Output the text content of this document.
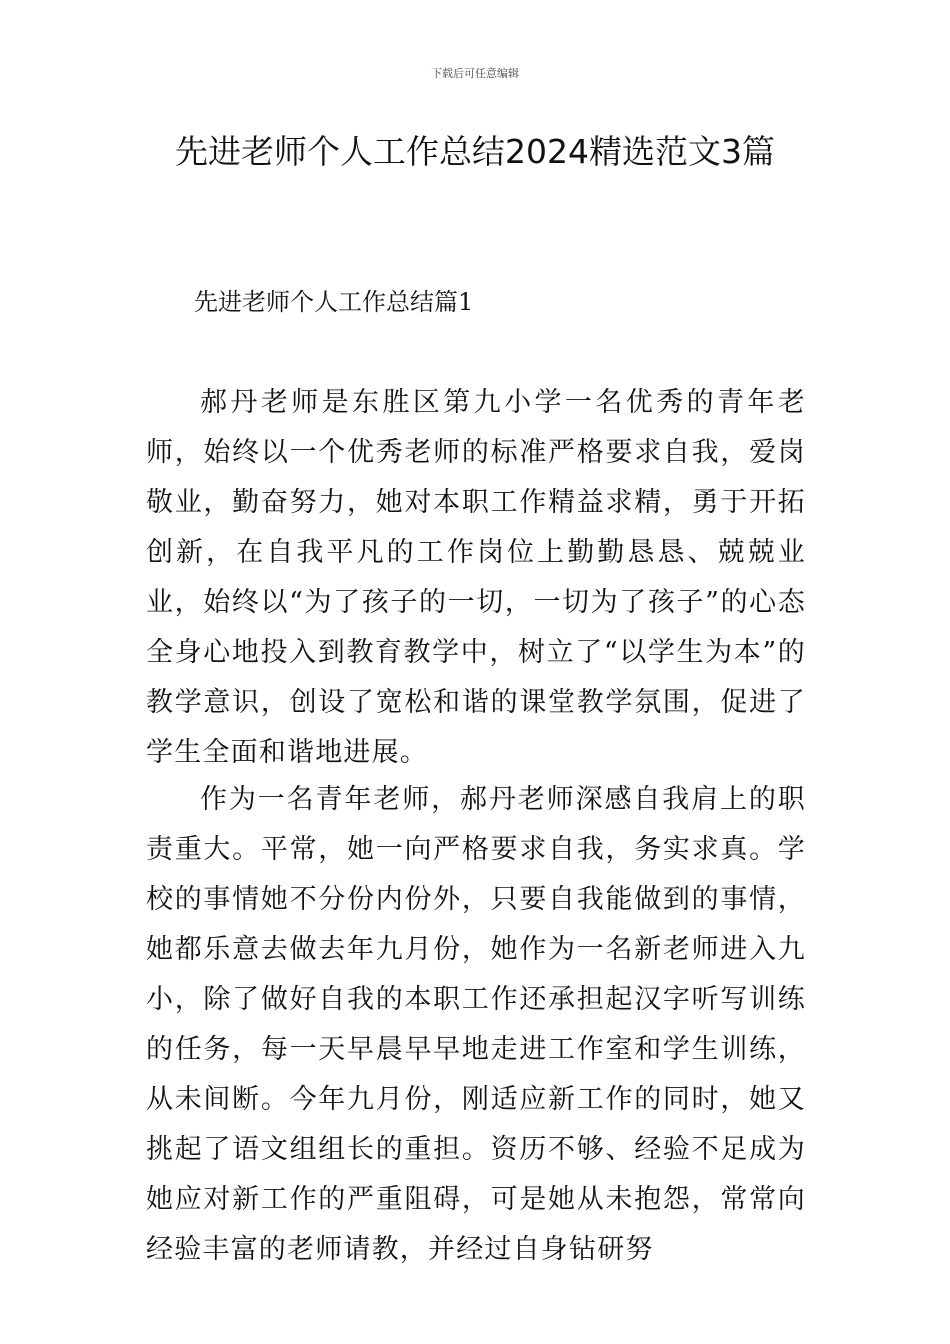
下载后可任意编辑
先进老师个人工作总结2024精选范文3篇
先进老师个人工作总结篇1

郝丹老师是东胜区第九小学一名优秀的青年老师，始终以一个优秀老师的标准严格要求自我，爱岗敬业，勤奋努力，她对本职工作精益求精，勇于开拓创新，在自我平凡的工作岗位上勤勤恳恳、兢兢业业，始终以“为了孩子的一切，一切为了孩子”的心态全身心地投入到教育教学中，树立了“以学生为本”的教学意识，创设了宽松和谐的课堂教学氛围，促进了学生全面和谐地进展。

作为一名青年老师，郝丹老师深感自我肩上的职责重大。平常，她一向严格要求自我，务实求真。学校的事情她不分份内份外，只要自我能做到的事情，她都乐意去做去年九月份，她作为一名新老师进入九小，除了做好自我的本职工作还承担起汉字听写训练的任务，每一天早晨早早地走进工作室和学生训练，从未间断。今年九月份，刚适应新工作的同时，她又挑起了语文组组长的重担。资历不够、经验不足成为她应对新工作的严重阻碍，可是她从未抱怨，常常向经验丰富的老师请教，并经过自身钻研努
